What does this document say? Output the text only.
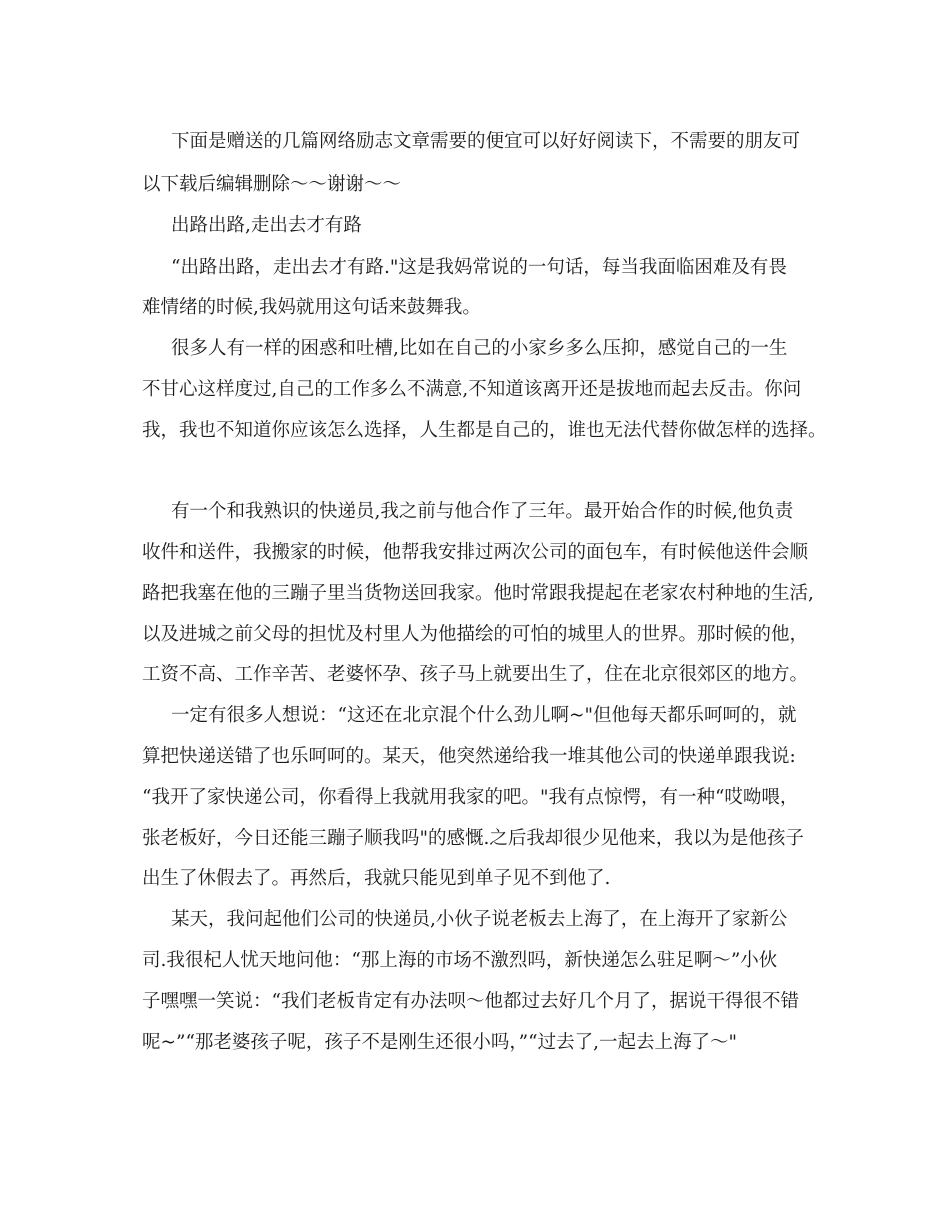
下面是赠送的几篇网络励志文章需要的便宜可以好好阅读下，不需要的朋友可

以下载后编辑删除～～谢谢～～

出路出路,走出去才有路

“出路出路，走出去才有路."这是我妈常说的一句话，每当我面临困难及有畏

难情绪的时候,我妈就用这句话来鼓舞我。

很多人有一样的困惑和吐槽,比如在自己的小家乡多么压抑，感觉自己的一生

不甘心这样度过,自己的工作多么不满意,不知道该离开还是拔地而起去反击。你问

我，我也不知道你应该怎么选择，人生都是自己的，谁也无法代替你做怎样的选择。

有一个和我熟识的快递员,我之前与他合作了三年。最开始合作的时候,他负责

收件和送件，我搬家的时候，他帮我安排过两次公司的面包车，有时候他送件会顺

路把我塞在他的三蹦子里当货物送回我家。他时常跟我提起在老家农村种地的生活,

以及进城之前父母的担忧及村里人为他描绘的可怕的城里人的世界。那时候的他，

工资不高、工作辛苦、老婆怀孕、孩子马上就要出生了，住在北京很郊区的地方。

一定有很多人想说：“这还在北京混个什么劲儿啊~"但他每天都乐呵呵的，就

算把快递送错了也乐呵呵的。某天，他突然递给我一堆其他公司的快递单跟我说:

“我开了家快递公司，你看得上我就用我家的吧。"我有点惊愕，有一种“哎呦喂，

张老板好，今日还能三蹦子顺我吗"的感慨.之后我却很少见他来，我以为是他孩子

出生了休假去了。再然后，我就只能见到单子见不到他了.

某天，我问起他们公司的快递员,小伙子说老板去上海了，在上海开了家新公

司.我很杞人忧天地问他：“那上海的市场不激烈吗，新快递怎么驻足啊～”小伙

子嘿嘿一笑说：“我们老板肯定有办法呗～他都过去好几个月了，据说干得很不错

呢~”“那老婆孩子呢，孩子不是刚生还很小吗，”“过去了,一起去上海了～"
